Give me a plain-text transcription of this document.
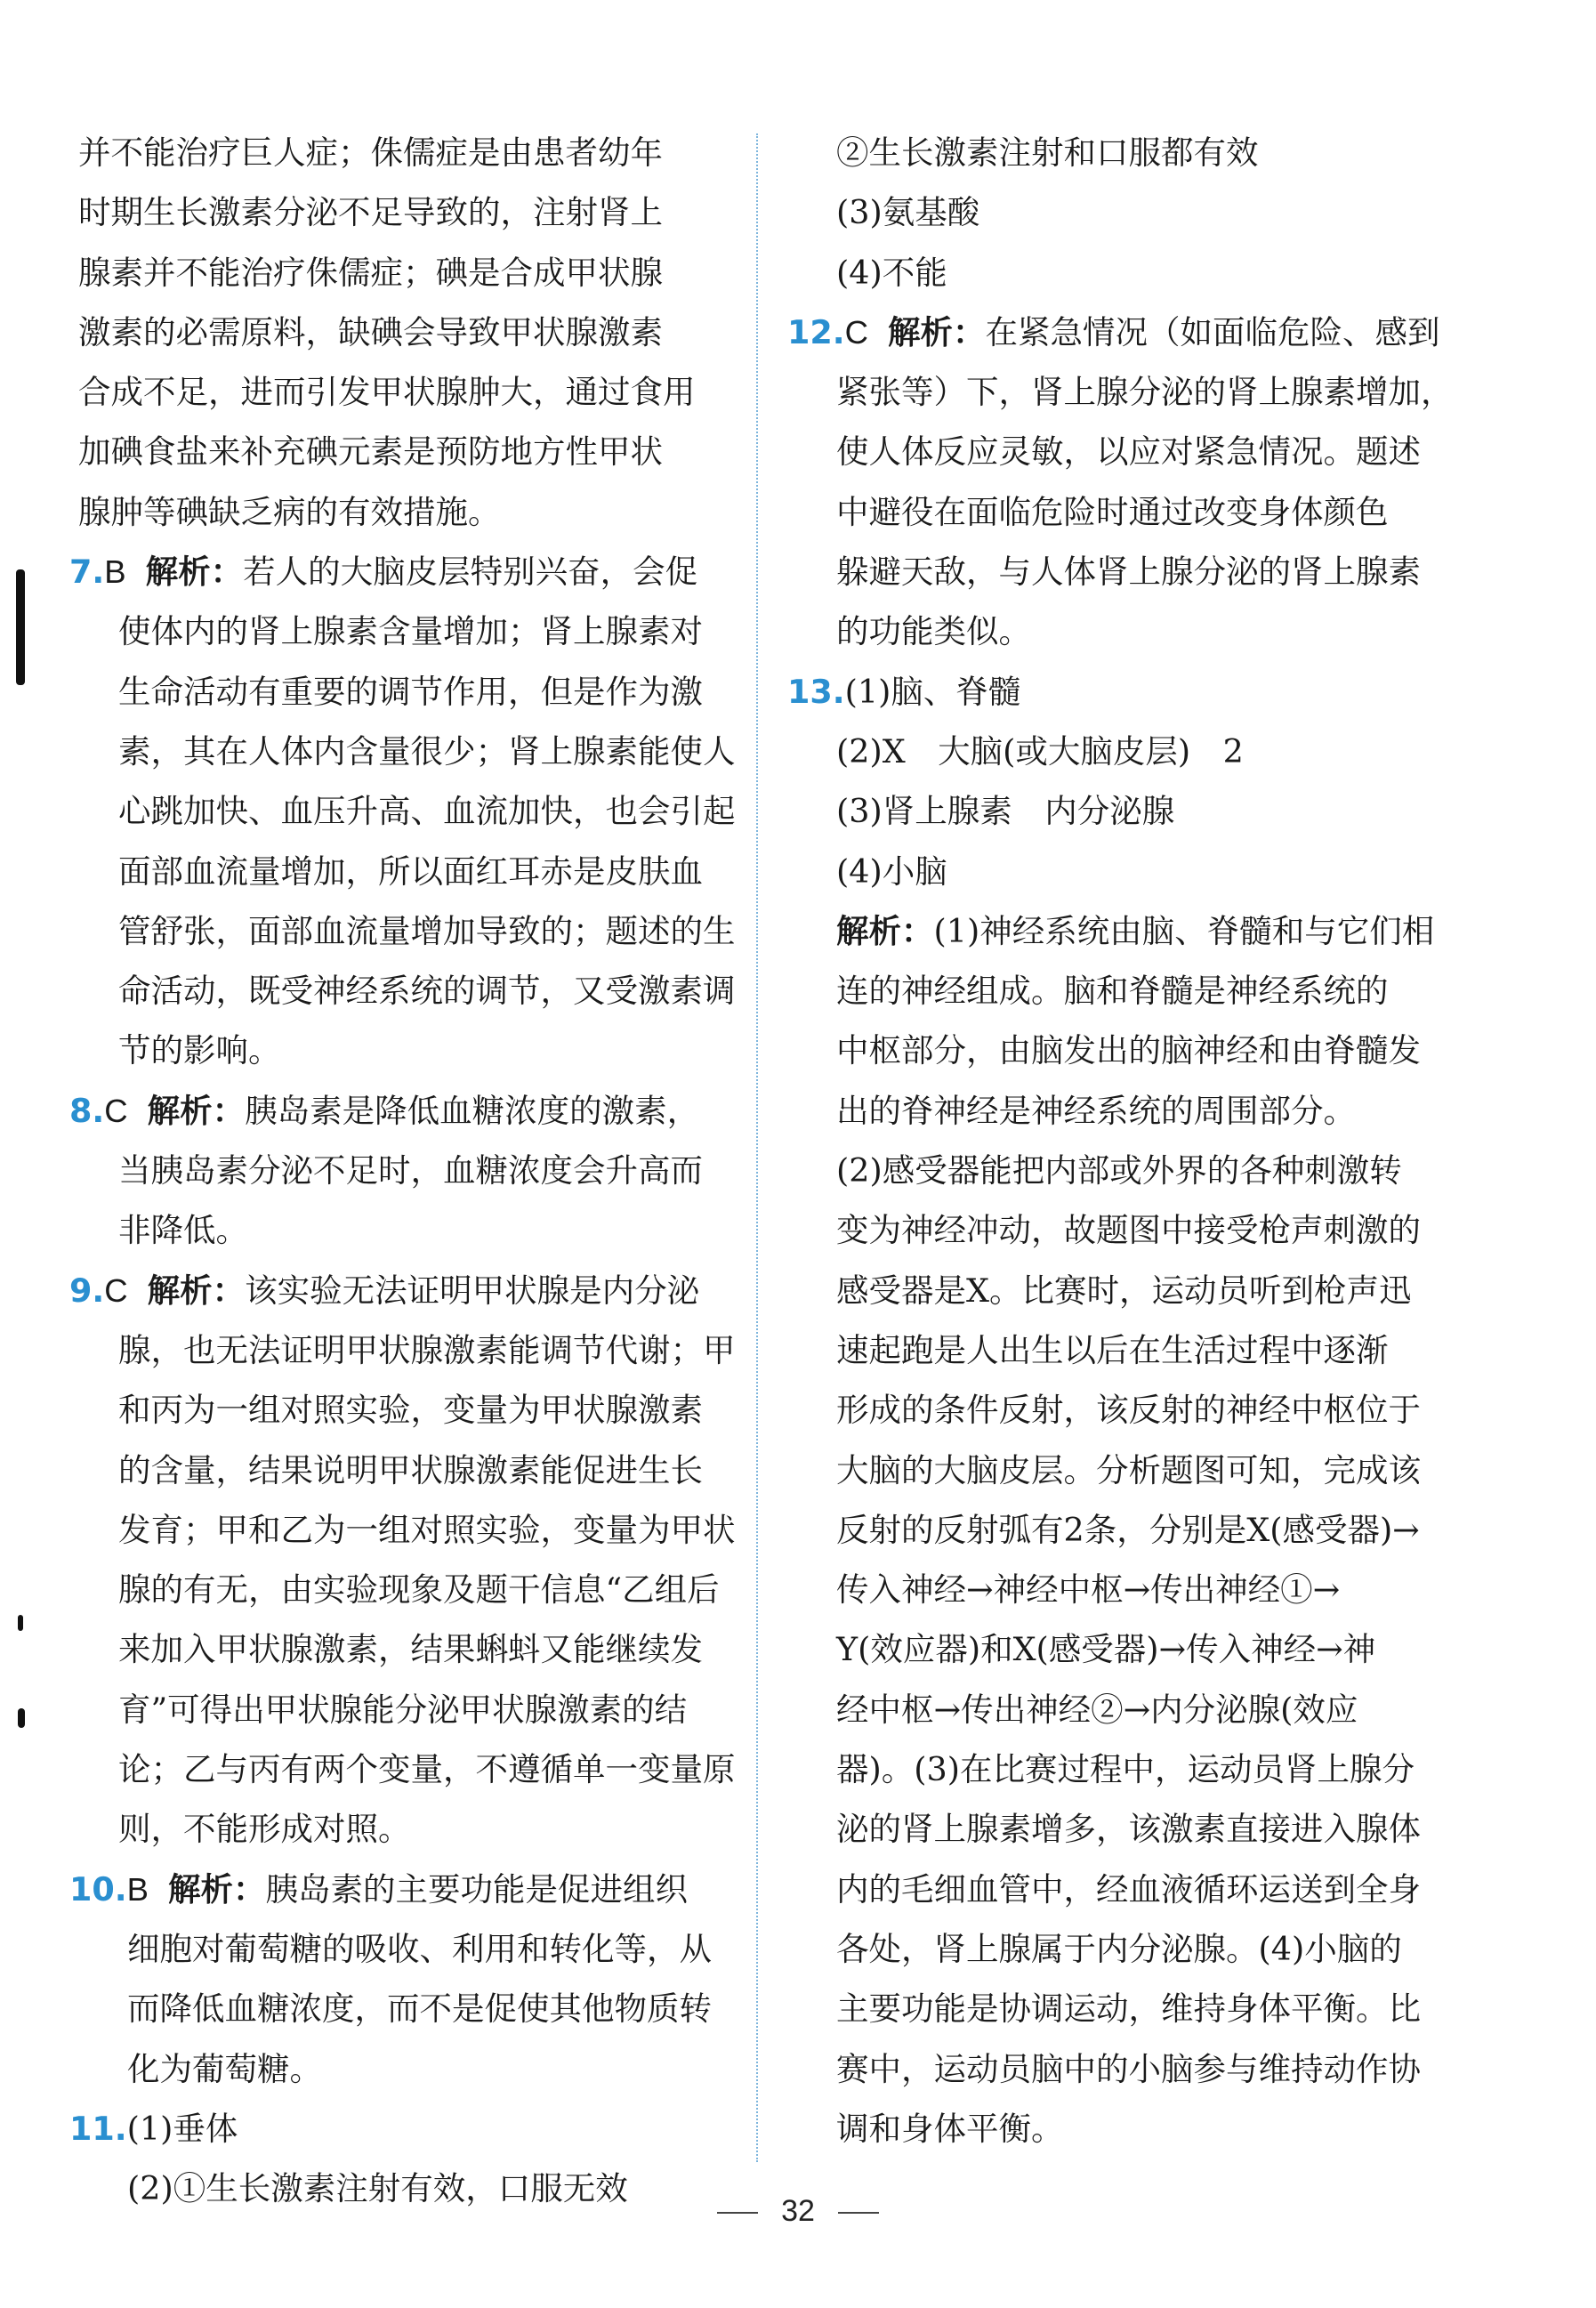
并不能治疗巨人症；侏儒症是由患者幼年
时期生长激素分泌不足导致的，注射肾上
腺素并不能治疗侏儒症；碘是合成甲状腺
激素的必需原料，缺碘会导致甲状腺激素
合成不足，进而引发甲状腺肿大，通过食用
加碘食盐来补充碘元素是预防地方性甲状
腺肿等碘缺乏病的有效措施。
7.B 解析：若人的大脑皮层特别兴奋，会促
使体内的肾上腺素含量增加；肾上腺素对
生命活动有重要的调节作用，但是作为激
素，其在人体内含量很少；肾上腺素能使人
心跳加快、血压升高、血流加快，也会引起
面部血流量增加，所以面红耳赤是皮肤血
管舒张，面部血流量增加导致的；题述的生
命活动，既受神经系统的调节，又受激素调
节的影响。
8.C 解析：胰岛素是降低血糖浓度的激素，
当胰岛素分泌不足时，血糖浓度会升高而
非降低。
9.C 解析：该实验无法证明甲状腺是内分泌
腺，也无法证明甲状腺激素能调节代谢；甲
和丙为一组对照实验，变量为甲状腺激素
的含量，结果说明甲状腺激素能促进生长
发育；甲和乙为一组对照实验，变量为甲状
腺的有无，由实验现象及题干信息“乙组后
来加入甲状腺激素，结果蝌蚪又能继续发
育”可得出甲状腺能分泌甲状腺激素的结
论；乙与丙有两个变量，不遵循单一变量原
则，不能形成对照。
10.B 解析：胰岛素的主要功能是促进组织
细胞对葡萄糖的吸收、利用和转化等，从
而降低血糖浓度，而不是促使其他物质转
化为葡萄糖。
11.(1)垂体
(2)①生长激素注射有效，口服无效
②生长激素注射和口服都有效
(3)氨基酸
(4)不能
12.C 解析：在紧急情况（如面临危险、感到
紧张等）下，肾上腺分泌的肾上腺素增加，
使人体反应灵敏，以应对紧急情况。题述
中避役在面临危险时通过改变身体颜色
躲避天敌，与人体肾上腺分泌的肾上腺素
的功能类似。
13.(1)脑、脊髓
(2)X　大脑(或大脑皮层)　2
(3)肾上腺素　内分泌腺
(4)小脑
解析：(1)神经系统由脑、脊髓和与它们相
连的神经组成。脑和脊髓是神经系统的
中枢部分，由脑发出的脑神经和由脊髓发
出的脊神经是神经系统的周围部分。
(2)感受器能把内部或外界的各种刺激转
变为神经冲动，故题图中接受枪声刺激的
感受器是X。比赛时，运动员听到枪声迅
速起跑是人出生以后在生活过程中逐渐
形成的条件反射，该反射的神经中枢位于
大脑的大脑皮层。分析题图可知，完成该
反射的反射弧有2条，分别是X(感受器)→
传入神经→神经中枢→传出神经①→
Y(效应器)和X(感受器)→传入神经→神
经中枢→传出神经②→内分泌腺(效应
器)。(3)在比赛过程中，运动员肾上腺分
泌的肾上腺素增多，该激素直接进入腺体
内的毛细血管中，经血液循环运送到全身
各处，肾上腺属于内分泌腺。(4)小脑的
主要功能是协调运动，维持身体平衡。比
赛中，运动员脑中的小脑参与维持动作协
调和身体平衡。
32
